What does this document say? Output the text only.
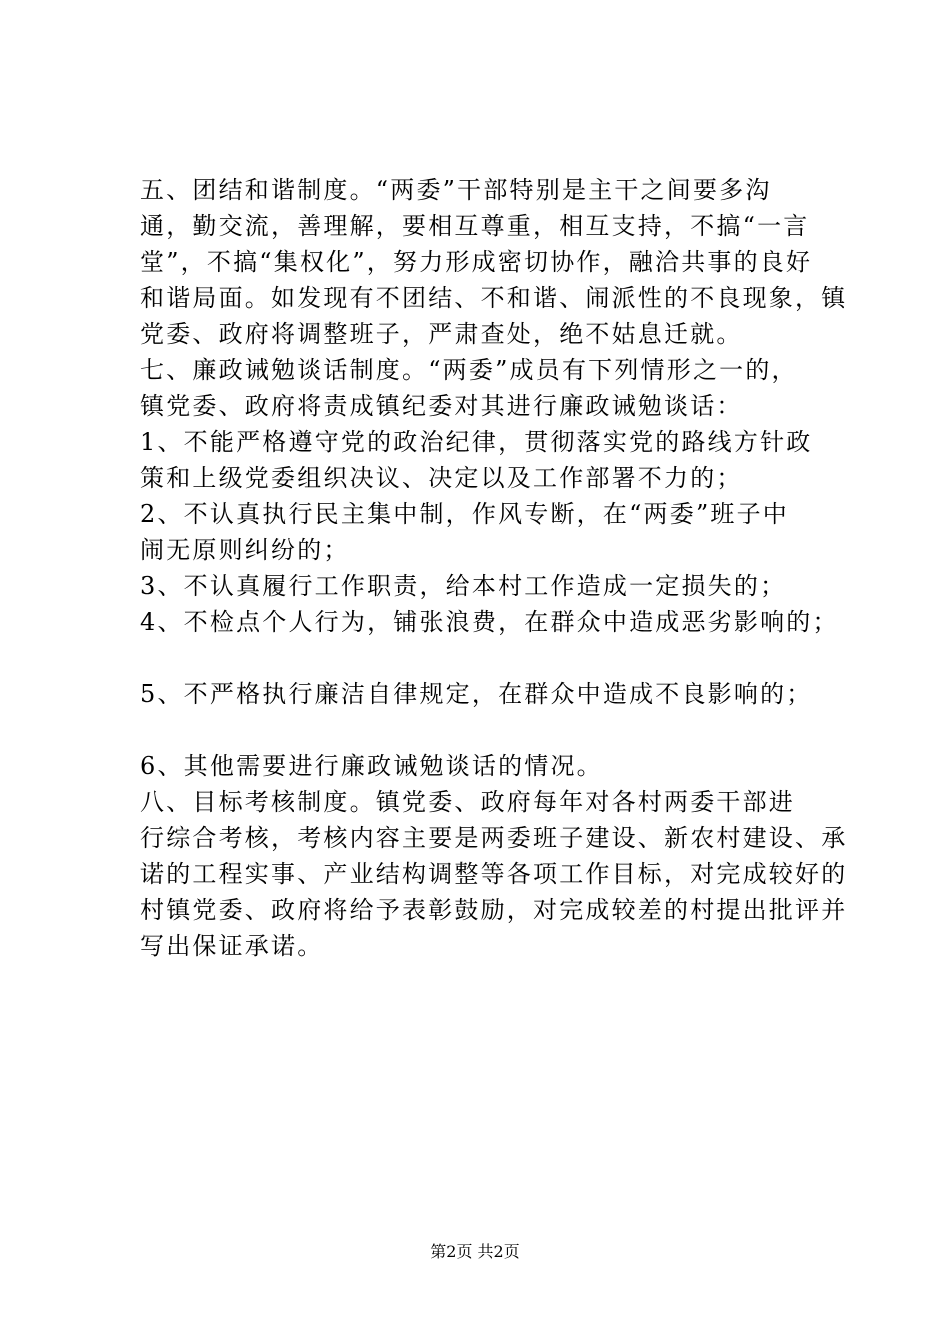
五、团结和谐制度。“两委”干部特别是主干之间要多沟
通，勤交流，善理解，要相互尊重，相互支持，不搞“一言
堂”，不搞“集权化”，努力形成密切协作，融洽共事的良好
和谐局面。如发现有不团结、不和谐、闹派性的不良现象，镇
党委、政府将调整班子，严肃查处，绝不姑息迁就。
七、廉政诫勉谈话制度。“两委”成员有下列情形之一的，
镇党委、政府将责成镇纪委对其进行廉政诫勉谈话：
1、不能严格遵守党的政治纪律，贯彻落实党的路线方针政
策和上级党委组织决议、决定以及工作部署不力的；
2、不认真执行民主集中制，作风专断，在“两委”班子中
闹无原则纠纷的；
3、不认真履行工作职责，给本村工作造成一定损失的；
4、不检点个人行为，铺张浪费，在群众中造成恶劣影响的；
5、不严格执行廉洁自律规定，在群众中造成不良影响的；
6、其他需要进行廉政诫勉谈话的情况。
八、目标考核制度。镇党委、政府每年对各村两委干部进
行综合考核，考核内容主要是两委班子建设、新农村建设、承
诺的工程实事、产业结构调整等各项工作目标，对完成较好的
村镇党委、政府将给予表彰鼓励，对完成较差的村提出批评并
写出保证承诺。
第2页 共2页
